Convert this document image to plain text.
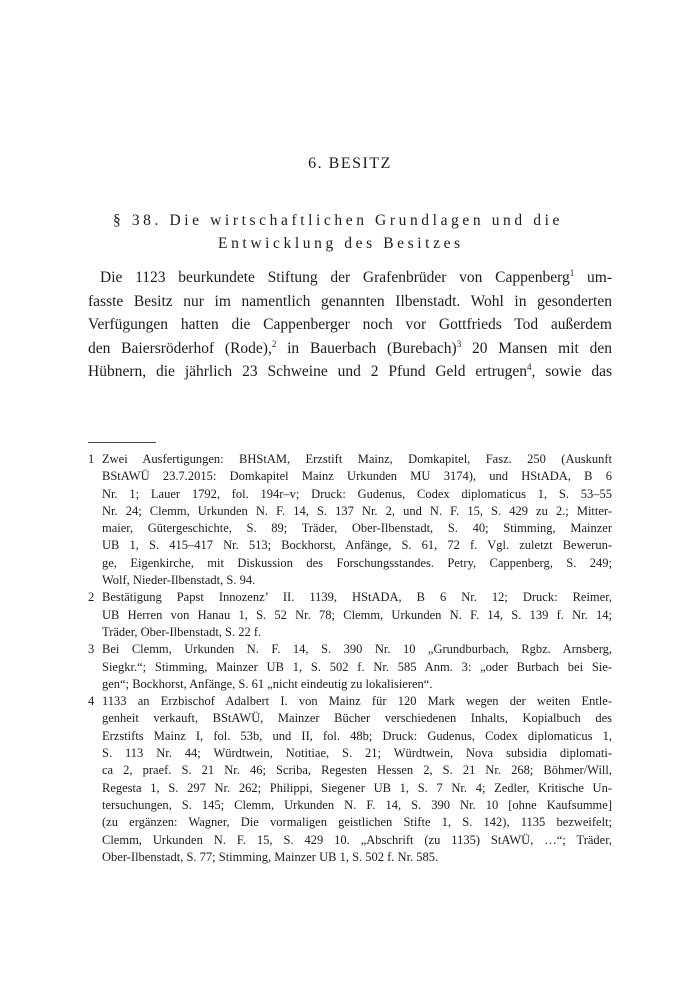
6. BESITZ
§ 38. Die wirtschaftlichen Grundlagen und die
Entwicklung des Besitzes
Die 1123 beurkundete Stiftung der Grafenbrüder von Cappenberg$^1$ um-
fasste Besitz nur im namentlich genannten Ilbenstadt. Wohl in gesonderten
Verfügungen hatten die Cappenberger noch vor Gottfrieds Tod außerdem
den Baiersröderhof (Rode),$^2$ in Bauerbach (Burebach)$^3$ 20 Mansen mit den
Hübnern, die jährlich 23 Schweine und 2 Pfund Geld ertrugen$^4$, sowie das
1 Zwei Ausfertigungen: BHStAM, Erzstift Mainz, Domkapitel, Fasz. 250 (Auskunft
BStAWÜ 23.7.2015: Domkapitel Mainz Urkunden MU 3174), und HStADA, B 6
Nr. 1; Lauer 1792, fol. 194r–v; Druck: Gudenus, Codex diplomaticus 1, S. 53–55
Nr. 24; Clemm, Urkunden N. F. 14, S. 137 Nr. 2, und N. F. 15, S. 429 zu 2.; Mitter-
maier, Gütergeschichte, S. 89; Träder, Ober-Ilbenstadt, S. 40; Stimming, Mainzer
UB 1, S. 415–417 Nr. 513; Bockhorst, Anfänge, S. 61, 72 f. Vgl. zuletzt Bewerun-
ge, Eigenkirche, mit Diskussion des Forschungsstandes. Petry, Cappenberg, S. 249;
Wolf, Nieder-Ilbenstadt, S. 94.
2 Bestätigung Papst Innozenz’ II. 1139, HStADA, B 6 Nr. 12; Druck: Reimer,
UB Herren von Hanau 1, S. 52 Nr. 78; Clemm, Urkunden N. F. 14, S. 139 f. Nr. 14;
Träder, Ober-Ilbenstadt, S. 22 f.
3 Bei Clemm, Urkunden N. F. 14, S. 390 Nr. 10 „Grundburbach, Rgbz. Arnsberg,
Siegkr.“; Stimming, Mainzer UB 1, S. 502 f. Nr. 585 Anm. 3: „oder Burbach bei Sie-
gen“; Bockhorst, Anfänge, S. 61 „nicht eindeutig zu lokalisieren“.
4 1133 an Erzbischof Adalbert I. von Mainz für 120 Mark wegen der weiten Entle-
genheit verkauft, BStAWÜ, Mainzer Bücher verschiedenen Inhalts, Kopialbuch des
Erzstifts Mainz I, fol. 53b, und II, fol. 48b; Druck: Gudenus, Codex diplomaticus 1,
S. 113 Nr. 44; Würdtwein, Notitiae, S. 21; Würdtwein, Nova subsidia diplomati-
ca 2, praef. S. 21 Nr. 46; Scriba, Regesten Hessen 2, S. 21 Nr. 268; Böhmer/Will,
Regesta 1, S. 297 Nr. 262; Philippi, Siegener UB 1, S. 7 Nr. 4; Zedler, Kritische Un-
tersuchungen, S. 145; Clemm, Urkunden N. F. 14, S. 390 Nr. 10 [ohne Kaufsumme]
(zu ergänzen: Wagner, Die vormaligen geistlichen Stifte 1, S. 142), 1135 bezweifelt;
Clemm, Urkunden N. F. 15, S. 429 10. „Abschrift (zu 1135) StAWÜ, …“; Träder,
Ober-Ilbenstadt, S. 77; Stimming, Mainzer UB 1, S. 502 f. Nr. 585.
